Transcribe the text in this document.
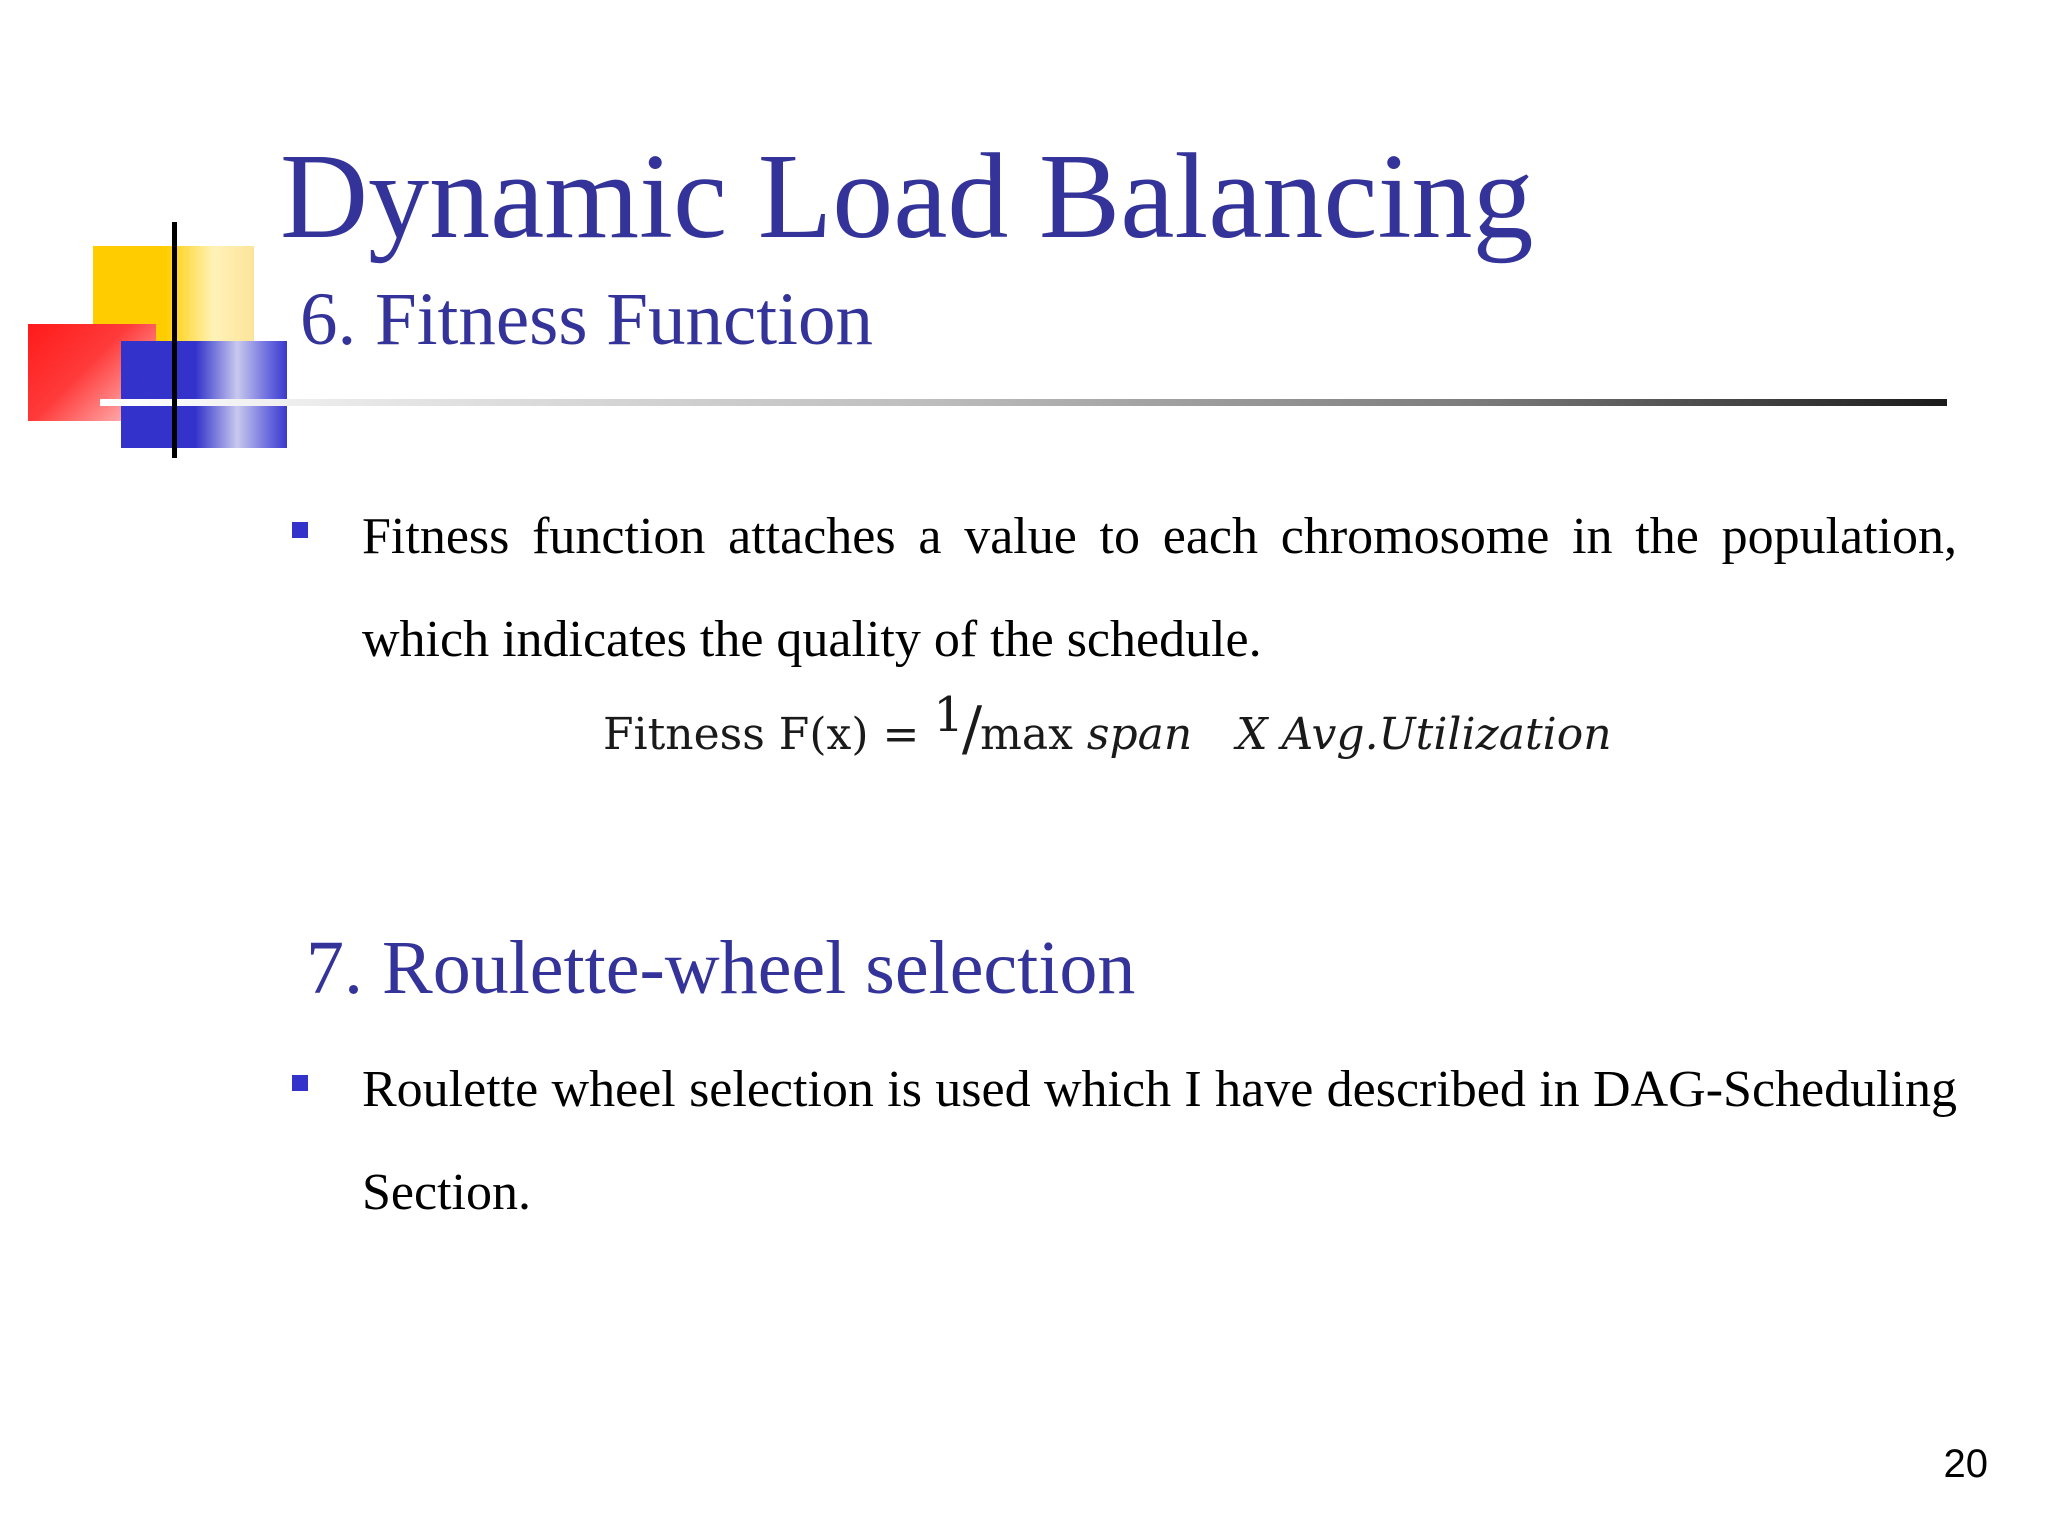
Dynamic Load Balancing
6. Fitness Function
Fitness function attaches a value to each chromosome in the population, which indicates the quality of the schedule.
Fitness F(x) = 1/max span X Avg.Utilization
7. Roulette-wheel selection
Roulette wheel selection is used which I have described in DAG-Scheduling Section.
20
